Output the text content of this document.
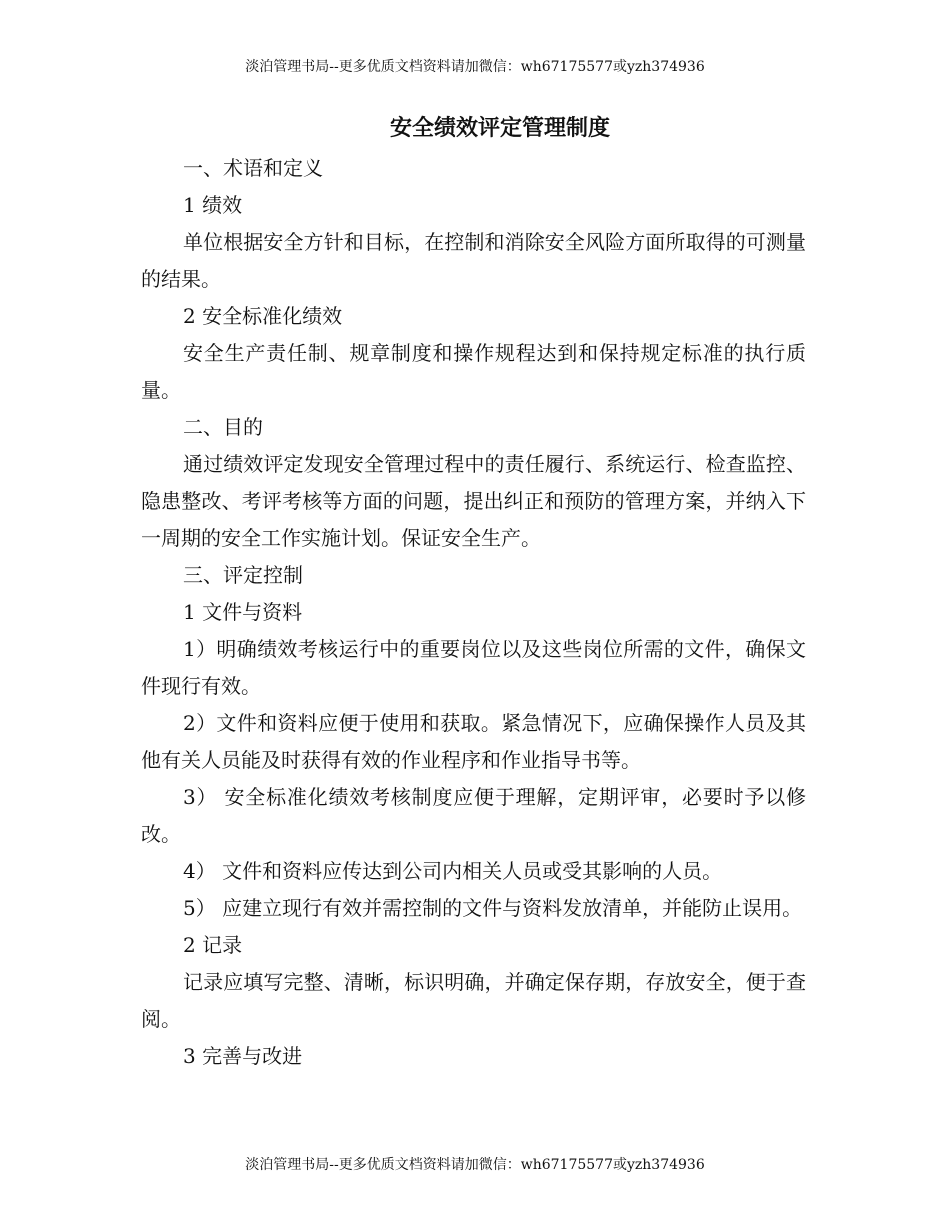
淡泊管理书局--更多优质文档资料请加微信：wh67175577或yzh374936
安全绩效评定管理制度

一、术语和定义

1 绩效

单位根据安全方针和目标，在控制和消除安全风险方面所取得的可测量的结果。

2 安全标准化绩效

安全生产责任制、规章制度和操作规程达到和保持规定标准的执行质量。

二、目的

通过绩效评定发现安全管理过程中的责任履行、系统运行、检查监控、隐患整改、考评考核等方面的问题，提出纠正和预防的管理方案，并纳入下一周期的安全工作实施计划。保证安全生产。

三、评定控制

1 文件与资料

1）明确绩效考核运行中的重要岗位以及这些岗位所需的文件，确保文件现行有效。

2）文件和资料应便于使用和获取。紧急情况下，应确保操作人员及其他有关人员能及时获得有效的作业程序和作业指导书等。

3） 安全标准化绩效考核制度应便于理解，定期评审，必要时予以修改。

4） 文件和资料应传达到公司内相关人员或受其影响的人员。

5） 应建立现行有效并需控制的文件与资料发放清单，并能防止误用。

2 记录

记录应填写完整、清晰，标识明确，并确定保存期，存放安全，便于查阅。

3 完善与改进

淡泊管理书局--更多优质文档资料请加微信：wh67175577或yzh374936
